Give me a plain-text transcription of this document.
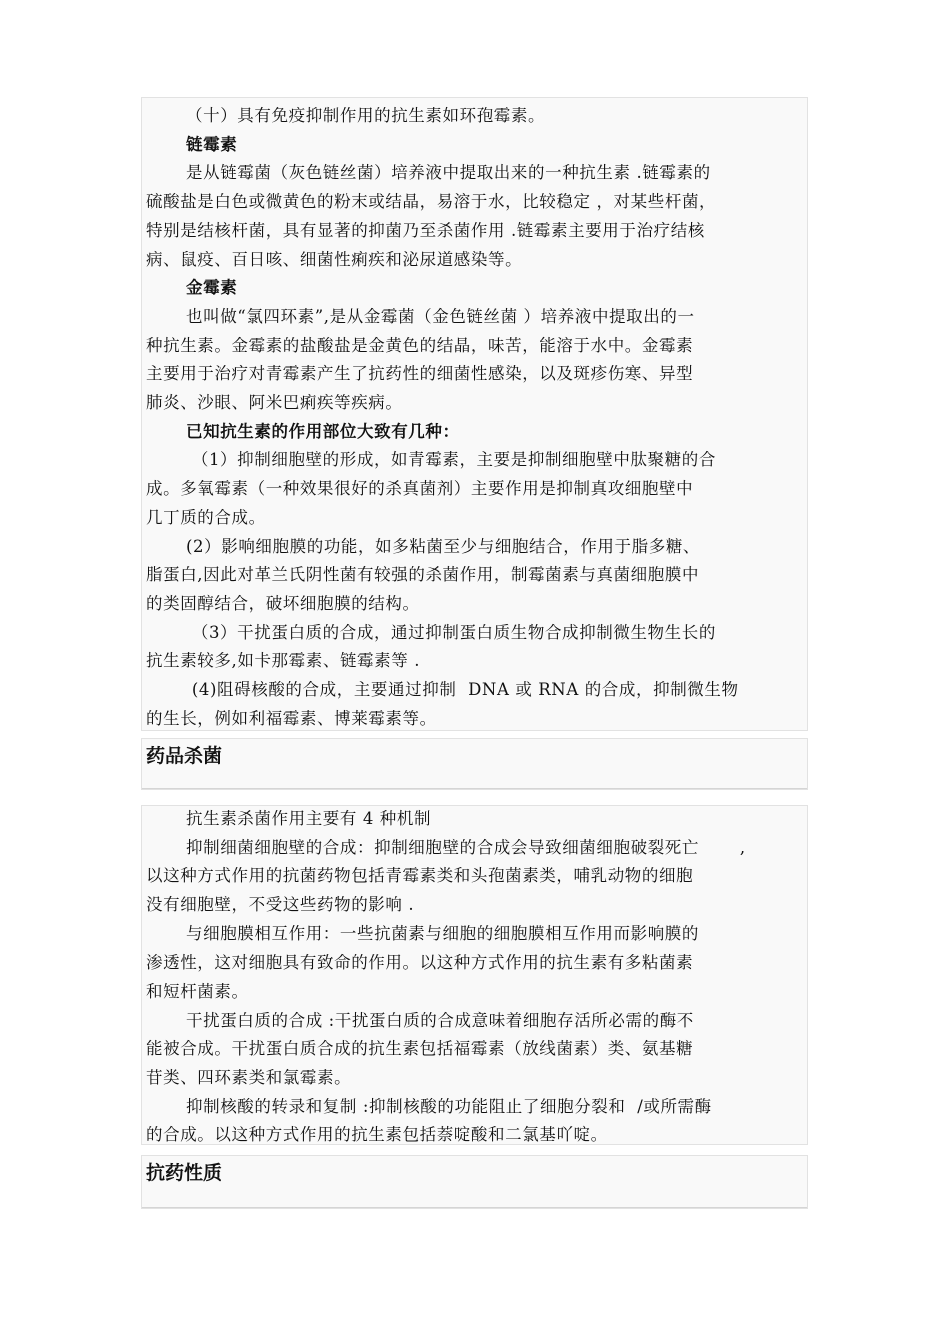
（十）具有免疫抑制作用的抗生素如环孢霉素。

链霉素

是从链霉菌（灰色链丝菌）培养液中提取出来的一种抗生素 .链霉素的

硫酸盐是白色或微黄色的粉末或结晶，易溶于水，比较稳定 ，对某些杆菌，

特别是结核杆菌，具有显著的抑菌乃至杀菌作用 .链霉素主要用于治疗结核

病、鼠疫、百日咳、细菌性痢疾和泌尿道感染等。

金霉素

也叫做“氯四环素”,是从金霉菌（金色链丝菌 ）培养液中提取出的一

种抗生素。金霉素的盐酸盐是金黄色的结晶，味苦，能溶于水中。金霉素

主要用于治疗对青霉素产生了抗药性的细菌性感染，以及斑疹伤寒、异型

肺炎、沙眼、阿米巴痢疾等疾病。

已知抗生素的作用部位大致有几种：

（1）抑制细胞壁的形成，如青霉素，主要是抑制细胞壁中肽聚糖的合

成。多氧霉素（一种效果很好的杀真菌剂）主要作用是抑制真攻细胞壁中

几丁质的合成。

(2）影响细胞膜的功能，如多粘菌至少与细胞结合，作用于脂多糖、

脂蛋白,因此对革兰氏阴性菌有较强的杀菌作用，制霉菌素与真菌细胞膜中

的类固醇结合，破坏细胞膜的结构。

（3）干扰蛋白质的合成，通过抑制蛋白质生物合成抑制微生物生长的

抗生素较多,如卡那霉素、链霉素等 .

(4)阻碍核酸的合成，主要通过抑制  DNA 或 RNA 的合成，抑制微生物

的生长，例如利福霉素、博莱霉素等。

药品杀菌

抗生素杀菌作用主要有 4 种机制

抑制细菌细胞壁的合成：抑制细胞壁的合成会导致细菌细胞破裂死亡       ,

以这种方式作用的抗菌药物包括青霉素类和头孢菌素类，哺乳动物的细胞

没有细胞壁，不受这些药物的影响 .

与细胞膜相互作用：一些抗菌素与细胞的细胞膜相互作用而影响膜的

渗透性，这对细胞具有致命的作用。以这种方式作用的抗生素有多粘菌素

和短杆菌素。

干扰蛋白质的合成 :干扰蛋白质的合成意味着细胞存活所必需的酶不

能被合成。干扰蛋白质合成的抗生素包括福霉素（放线菌素）类、氨基糖

苷类、四环素类和氯霉素。

抑制核酸的转录和复制 :抑制核酸的功能阻止了细胞分裂和  /或所需酶

的合成。以这种方式作用的抗生素包括萘啶酸和二氯基吖啶。

抗药性质
